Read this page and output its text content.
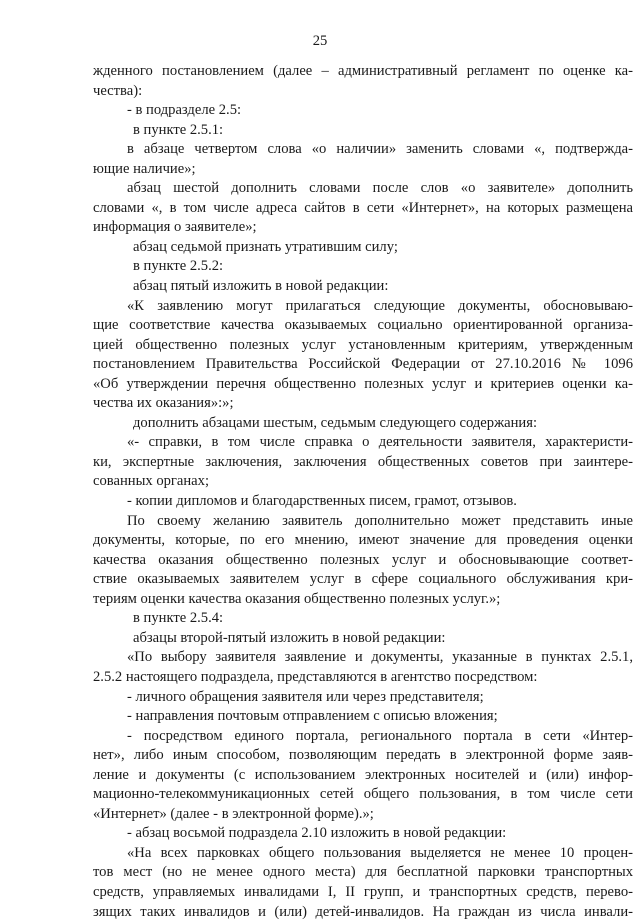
25
жденного постановлением (далее – административный регламент по оценке ка-
чества):
- в подразделе 2.5:
в пункте 2.5.1:
в абзаце четвертом слова «о наличии» заменить словами «, подтвержда-
ющие наличие»;
абзац шестой дополнить словами после слов «о заявителе» дополнить
словами «, в том числе адреса сайтов в сети «Интернет», на которых размещена
информация о заявителе»;
абзац седьмой признать утратившим силу;
в пункте 2.5.2:
абзац пятый изложить в новой редакции:
«К заявлению могут прилагаться следующие документы, обосновываю-
щие соответствие качества оказываемых социально ориентированной организа-
цией общественно полезных услуг установленным критериям, утвержденным
постановлением Правительства Российской Федерации от 27.10.2016 № 1096
«Об утверждении перечня общественно полезных услуг и критериев оценки ка-
чества их оказания»:»;
дополнить абзацами шестым, седьмым следующего содержания:
«- справки, в том числе справка о деятельности заявителя, характеристи-
ки, экспертные заключения, заключения общественных советов при заинтере-
сованных органах;
- копии дипломов и благодарственных писем, грамот, отзывов.
По своему желанию заявитель дополнительно может представить иные
документы, которые, по его мнению, имеют значение для проведения оценки
качества оказания общественно полезных услуг и обосновывающие соответ-
ствие оказываемых заявителем услуг в сфере социального обслуживания кри-
териям оценки качества оказания общественно полезных услуг.»;
в пункте 2.5.4:
абзацы второй-пятый изложить в новой редакции:
«По выбору заявителя заявление и документы, указанные в пунктах 2.5.1,
2.5.2 настоящего подраздела, представляются в агентство посредством:
- личного обращения заявителя или через представителя;
- направления почтовым отправлением с описью вложения;
- посредством единого портала, регионального портала в сети «Интер-
нет», либо иным способом, позволяющим передать в электронной форме заяв-
ление и документы (с использованием электронных носителей и (или) инфор-
мационно-телекоммуникационных сетей общего пользования, в том числе сети
«Интернет» (далее - в электронной форме).»;
- абзац восьмой подраздела 2.10 изложить в новой редакции:
«На всех парковках общего пользования выделяется не менее 10 процен-
тов мест (но не менее одного места) для бесплатной парковки транспортных
средств, управляемых инвалидами I, II групп, и транспортных средств, перево-
зящих таких инвалидов и (или) детей-инвалидов. На граждан из числа инвали-
